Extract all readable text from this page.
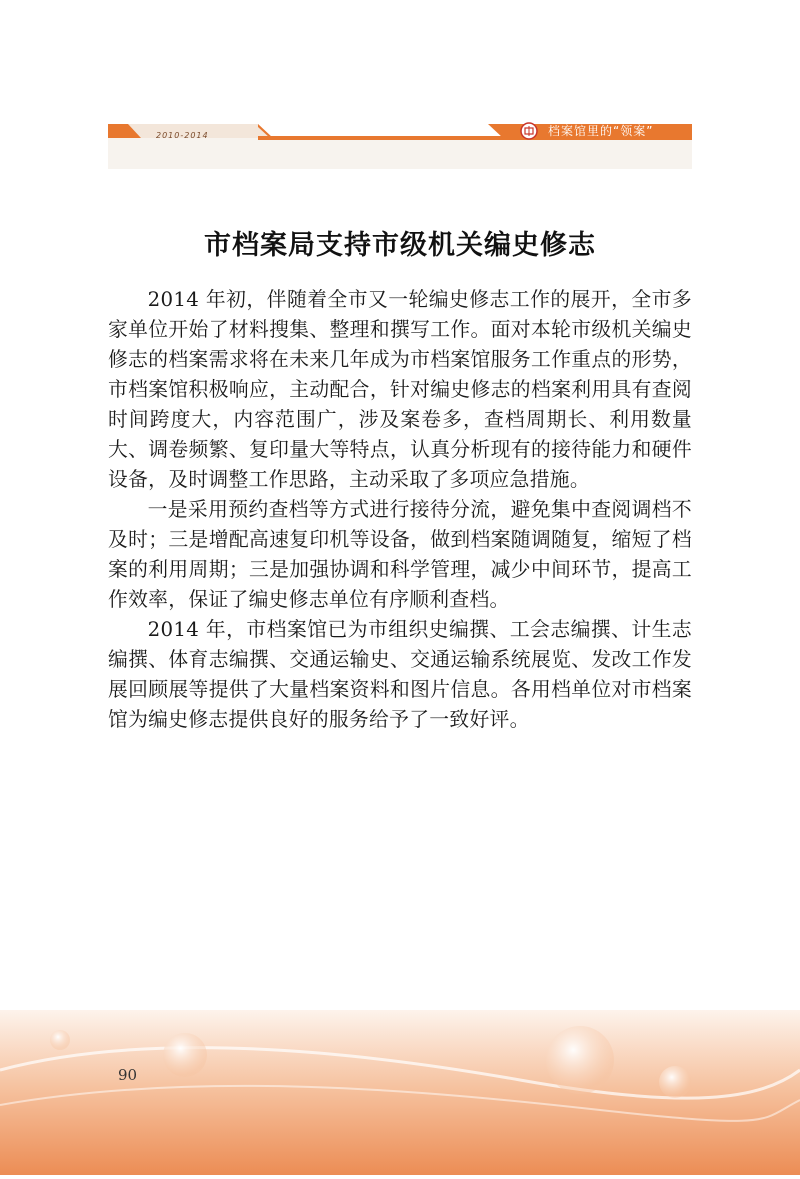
2010-2014	档案馆里的“领案”
市档案局支持市级机关编史修志

2014 年初，伴随着全市又一轮编史修志工作的展开，全市多家单位开始了材料搜集、整理和撰写工作。面对本轮市级机关编史修志的档案需求将在未来几年成为市档案馆服务工作重点的形势，市档案馆积极响应，主动配合，针对编史修志的档案利用具有查阅时间跨度大，内容范围广，涉及案卷多，查档周期长、利用数量大、调卷频繁、复印量大等特点，认真分析现有的接待能力和硬件设备，及时调整工作思路，主动采取了多项应急措施。

一是采用预约查档等方式进行接待分流，避免集中查阅调档不及时；三是增配高速复印机等设备，做到档案随调随复，缩短了档案的利用周期；三是加强协调和科学管理，减少中间环节，提高工作效率，保证了编史修志单位有序顺利查档。

2014 年，市档案馆已为市组织史编撰、工会志编撰、计生志编撰、体育志编撰、交通运输史、交通运输系统展览、发改工作发展回顾展等提供了大量档案资料和图片信息。各用档单位对市档案馆为编史修志提供良好的服务给予了一致好评。

90
